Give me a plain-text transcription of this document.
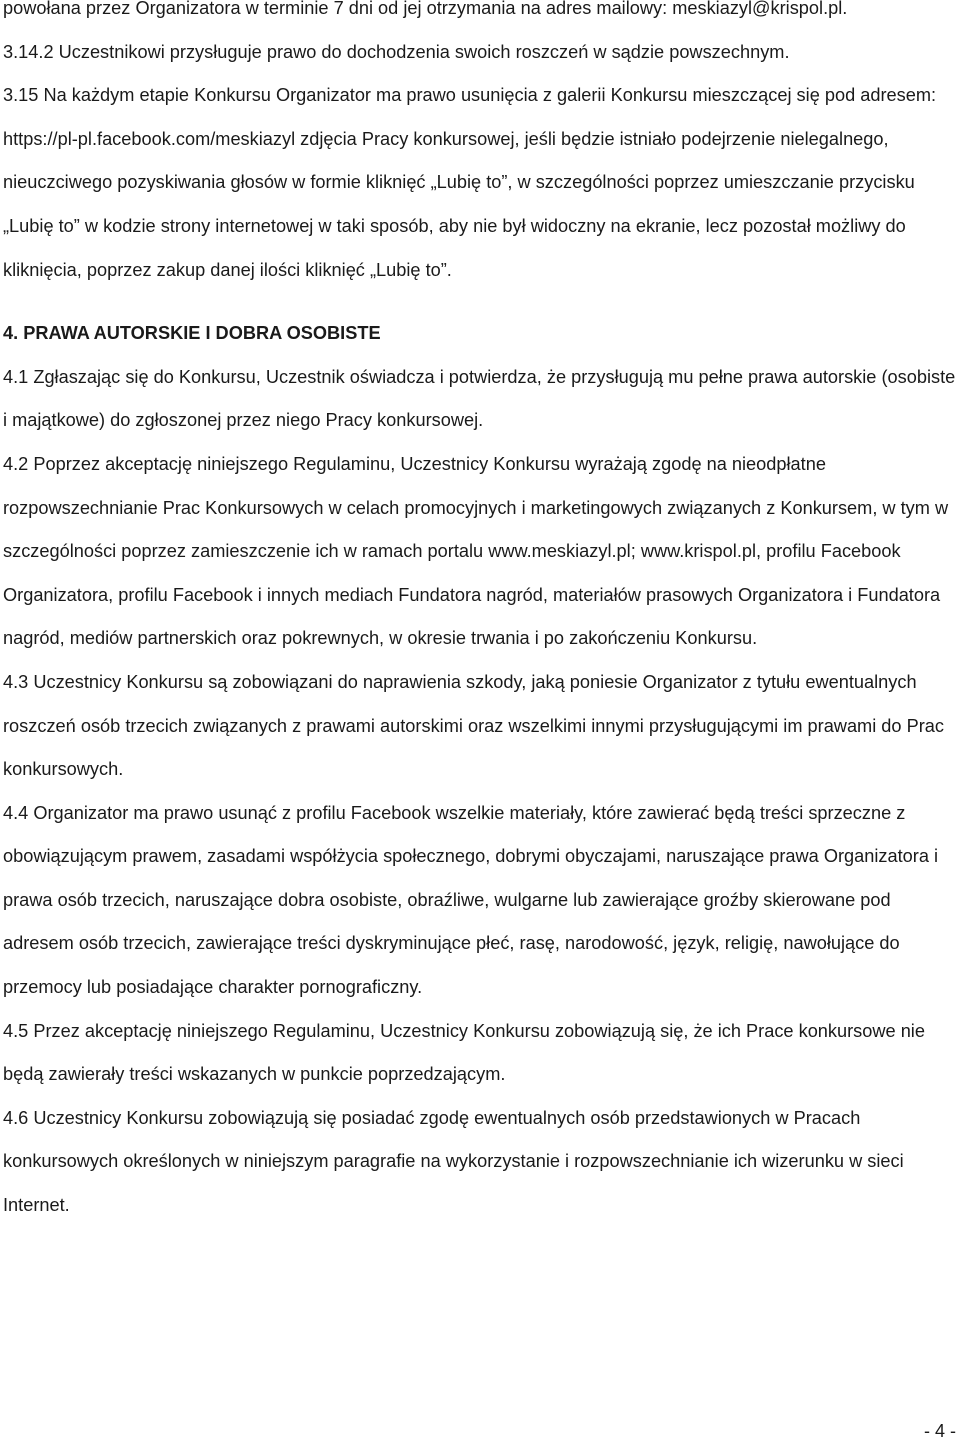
powołana przez Organizatora w terminie 7 dni od jej otrzymania na adres mailowy: meskiazyl@krispol.pl.

3.14.2 Uczestnikowi przysługuje prawo do dochodzenia swoich roszczeń w sądzie powszechnym.

3.15 Na każdym etapie Konkursu Organizator ma prawo usunięcia z galerii Konkursu mieszczącej się pod adresem: https://pl-pl.facebook.com/meskiazyl zdjęcia Pracy konkursowej, jeśli będzie istniało podejrzenie nielegalnego, nieuczciwego pozyskiwania głosów w formie kliknięć „Lubię to”, w szczególności poprzez umieszczanie przycisku „Lubię to” w kodzie strony internetowej w taki sposób, aby nie był widoczny na ekranie, lecz pozostał możliwy do kliknięcia, poprzez zakup danej ilości kliknięć „Lubię to”.

4. PRAWA AUTORSKIE I DOBRA OSOBISTE

4.1 Zgłaszając się do Konkursu, Uczestnik oświadcza i potwierdza, że przysługują mu pełne prawa autorskie (osobiste i majątkowe) do zgłoszonej przez niego Pracy konkursowej.

4.2 Poprzez akceptację niniejszego Regulaminu, Uczestnicy Konkursu wyrażają zgodę na nieodpłatne rozpowszechnianie Prac Konkursowych w celach promocyjnych i marketingowych związanych z Konkursem, w tym w szczególności poprzez zamieszczenie ich w ramach portalu www.meskiazyl.pl; www.krispol.pl, profilu Facebook Organizatora, profilu Facebook i innych mediach Fundatora nagród, materiałów prasowych Organizatora i Fundatora nagród, mediów partnerskich oraz pokrewnych, w okresie trwania i po zakończeniu Konkursu.

4.3 Uczestnicy Konkursu są zobowiązani do naprawienia szkody, jaką poniesie Organizator z tytułu ewentualnych roszczeń osób trzecich związanych z prawami autorskimi oraz wszelkimi innymi przysługującymi im prawami do Prac konkursowych.

4.4 Organizator ma prawo usunąć z profilu Facebook wszelkie materiały, które zawierać będą treści sprzeczne z obowiązującym prawem, zasadami współżycia społecznego, dobrymi obyczajami, naruszające prawa Organizatora i prawa osób trzecich, naruszające dobra osobiste, obraźliwe, wulgarne lub zawierające groźby skierowane pod adresem osób trzecich, zawierające treści dyskryminujące płeć, rasę, narodowość, język, religię, nawołujące do przemocy lub posiadające charakter pornograficzny.

4.5 Przez akceptację niniejszego Regulaminu, Uczestnicy Konkursu zobowiązują się, że ich Prace konkursowe nie będą zawierały treści wskazanych w punkcie poprzedzającym.

4.6 Uczestnicy Konkursu zobowiązują się posiadać zgodę ewentualnych osób przedstawionych w Pracach konkursowych określonych w niniejszym paragrafie na wykorzystanie i rozpowszechnianie ich wizerunku w sieci Internet.

- 4 -
